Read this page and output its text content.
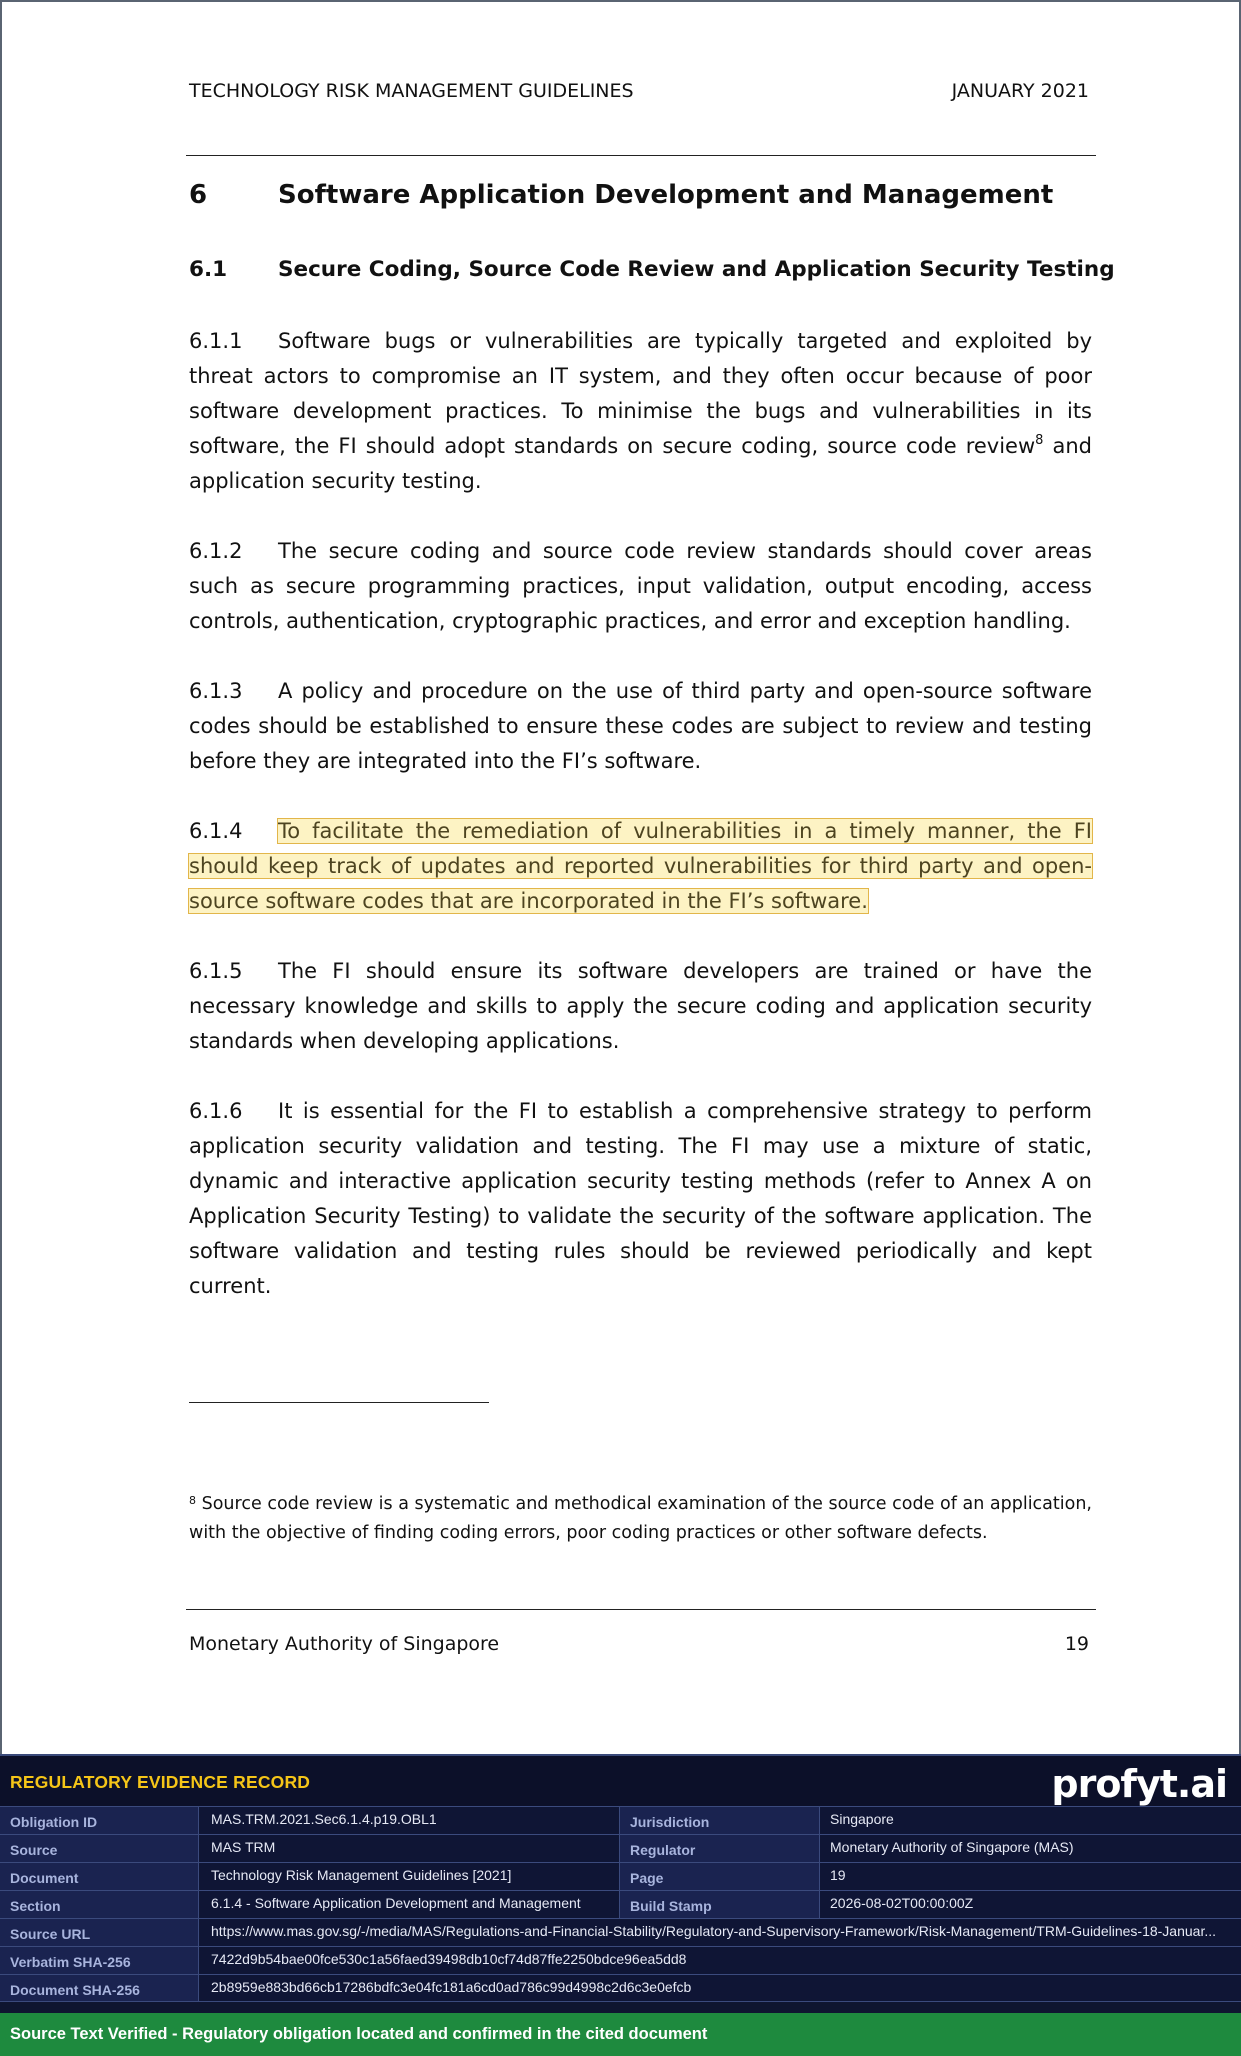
TECHNOLOGY RISK MANAGEMENT GUIDELINES	JANUARY 2021
6	Software Application Development and Management
6.1 Secure Coding, Source Code Review and Application Security Testing
6.1.1 Software bugs or vulnerabilities are typically targeted and exploited by threat actors to compromise an IT system, and they often occur because of poor software development practices. To minimise the bugs and vulnerabilities in its software, the FI should adopt standards on secure coding, source code review$^8$ and application security testing.
6.1.2 The secure coding and source code review standards should cover areas such as secure programming practices, input validation, output encoding, access controls, authentication, cryptographic practices, and error and exception handling.
6.1.3 A policy and procedure on the use of third party and open-source software codes should be established to ensure these codes are subject to review and testing before they are integrated into the FI’s software.
6.1.4 To facilitate the remediation of vulnerabilities in a timely manner, the FI should keep track of updates and reported vulnerabilities for third party and open-source software codes that are incorporated in the FI’s software.
6.1.5 The FI should ensure its software developers are trained or have the necessary knowledge and skills to apply the secure coding and application security standards when developing applications.
6.1.6 It is essential for the FI to establish a comprehensive strategy to perform application security validation and testing. The FI may use a mixture of static, dynamic and interactive application security testing methods (refer to Annex A on Application Security Testing) to validate the security of the software application. The software validation and testing rules should be reviewed periodically and kept current.
$^8$ Source code review is a systematic and methodical examination of the source code of an application, with the objective of finding coding errors, poor coding practices or other software defects.
Monetary Authority of Singapore	19
REGULATORY EVIDENCE RECORD	profyt.ai
Obligation ID	MAS.TRM.2021.Sec6.1.4.p19.OBL1	Jurisdiction	Singapore
Source	MAS TRM	Regulator	Monetary Authority of Singapore (MAS)
Document	Technology Risk Management Guidelines [2021]	Page	19
Section	6.1.4 - Software Application Development and Management	Build Stamp	2026-08-02T00:00:00Z
Source URL	https://www.mas.gov.sg/-/media/MAS/Regulations-and-Financial-Stability/Regulatory-and-Supervisory-Framework/Risk-Management/TRM-Guidelines-18-Januar...
Verbatim SHA-256	7422d9b54bae00fce530c1a56faed39498db10cf74d87ffe2250bdce96ea5dd8
Document SHA-256	2b8959e883bd66cb17286bdfc3e04fc181a6cd0ad786c99d4998c2d6c3e0efcb
Source Text Verified - Regulatory obligation located and confirmed in the cited document
